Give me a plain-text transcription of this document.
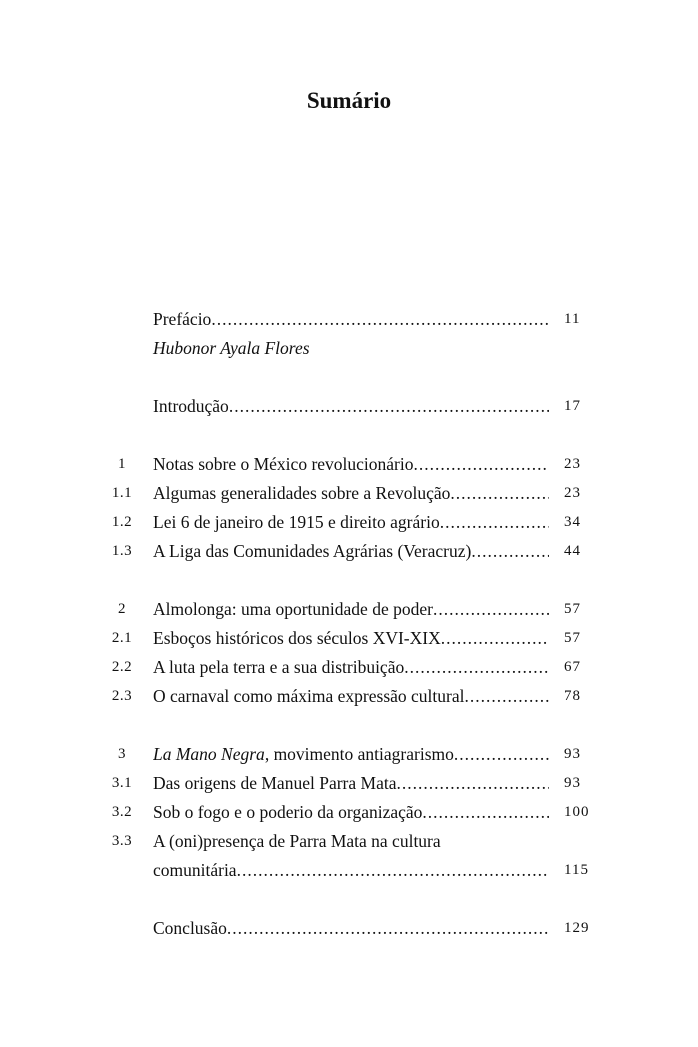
Sumário
Prefácio .....	11
Hubonor Ayala Flores
Introdução .....	17
1	Notas sobre o México revolucionário .....	23
1.1	Algumas generalidades sobre a Revolução .....	23
1.2	Lei 6 de janeiro de 1915 e direito agrário .....	34
1.3	A Liga das Comunidades Agrárias (Veracruz) .....	44
2	Almolonga: uma oportunidade de poder .....	57
2.1	Esboços históricos dos séculos XVI-XIX .....	57
2.2	A luta pela terra e a sua distribuição .....	67
2.3	O carnaval como máxima expressão cultural .....	78
3	La Mano Negra, movimento antiagrarismo .....	93
3.1	Das origens de Manuel Parra Mata .....	93
3.2	Sob o fogo e o poderio da organização .....	100
3.3	A (oni)presença de Parra Mata na cultura
comunitária .....	115
Conclusão .....	129
